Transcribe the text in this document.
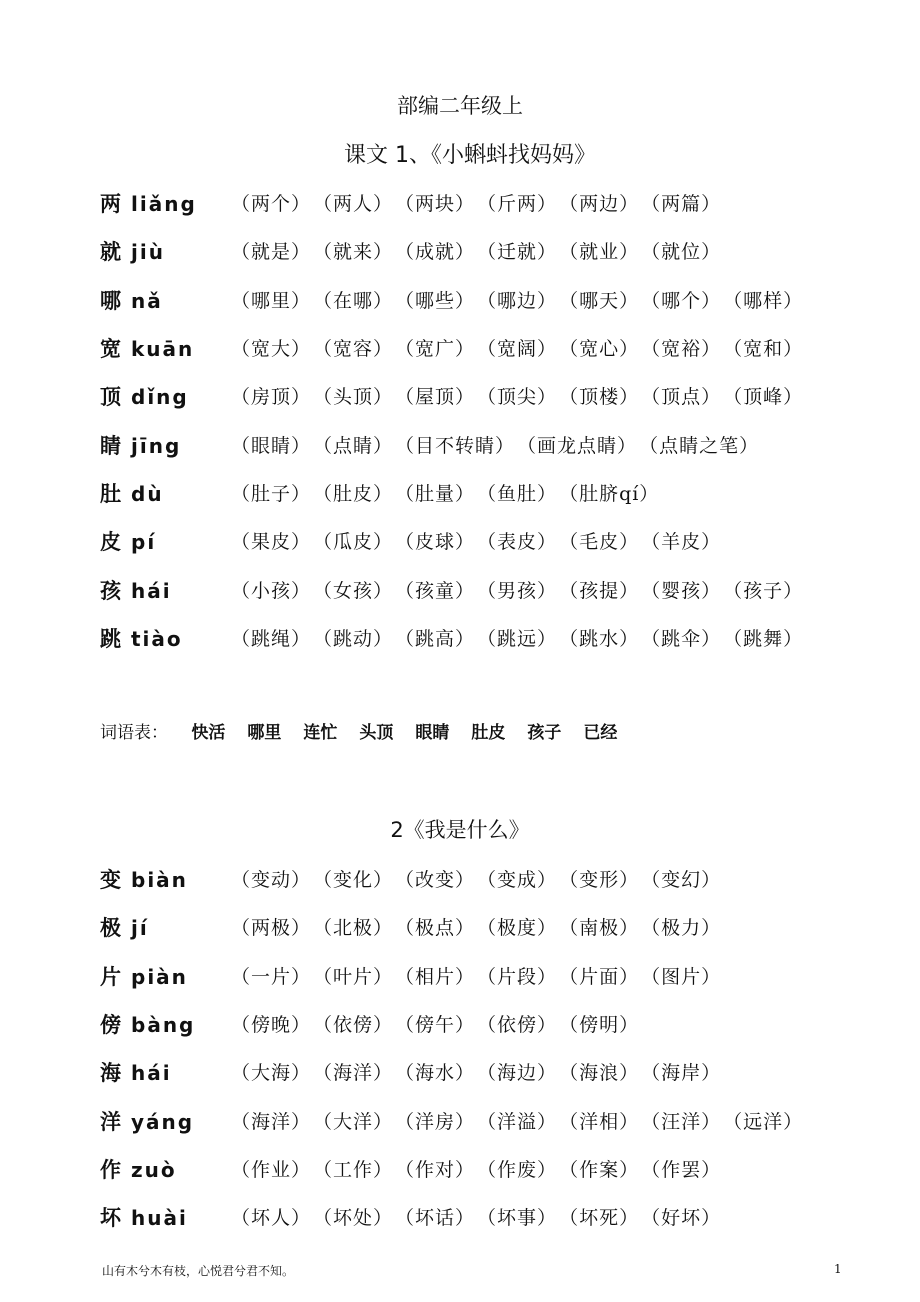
部编二年级上
课文 1、《小蝌蚪找妈妈》
两 liǎng	（两个） （两人） （两块） （斤两） （两边） （两篇）
就 jiù	（就是） （就来） （成就） （迁就） （就业） （就位）
哪 nǎ	（哪里） （在哪） （哪些） （哪边） （哪天） （哪个） （哪样）
宽 kuān	（宽大） （宽容） （宽广） （宽阔） （宽心） （宽裕） （宽和）
顶 dǐng	（房顶） （头顶） （屋顶） （顶尖） （顶楼） （顶点） （顶峰）
睛 jīng	（眼睛） （点睛） （目不转睛） （画龙点睛） （点睛之笔）
肚 dù	（肚子） （肚皮） （肚量） （鱼肚） （肚脐qí）
皮 pí	（果皮） （瓜皮） （皮球） （表皮） （毛皮） （羊皮）
孩 hái	（小孩） （女孩） （孩童） （男孩） （孩提） （婴孩） （孩子）
跳 tiào	（跳绳） （跳动） （跳高） （跳远） （跳水） （跳伞） （跳舞）
词语表： 快活 哪里 连忙 头顶 眼睛 肚皮 孩子 已经
2《我是什么》
变 biàn	（变动） （变化） （改变） （变成） （变形） （变幻）
极 jí	（两极） （北极） （极点） （极度） （南极） （极力）
片 piàn	（一片） （叶片） （相片） （片段） （片面） （图片）
傍 bàng	（傍晚） （依傍） （傍午） （依傍） （傍明）
海 hái	（大海） （海洋） （海水） （海边） （海浪） （海岸）
洋 yáng	（海洋） （大洋） （洋房） （洋溢） （洋相） （汪洋） （远洋）
作 zuò	（作业） （工作） （作对） （作废） （作案） （作罢）
坏 huài	（坏人） （坏处） （坏话） （坏事） （坏死） （好坏）
山有木兮木有枝，心悦君兮君不知。	1
